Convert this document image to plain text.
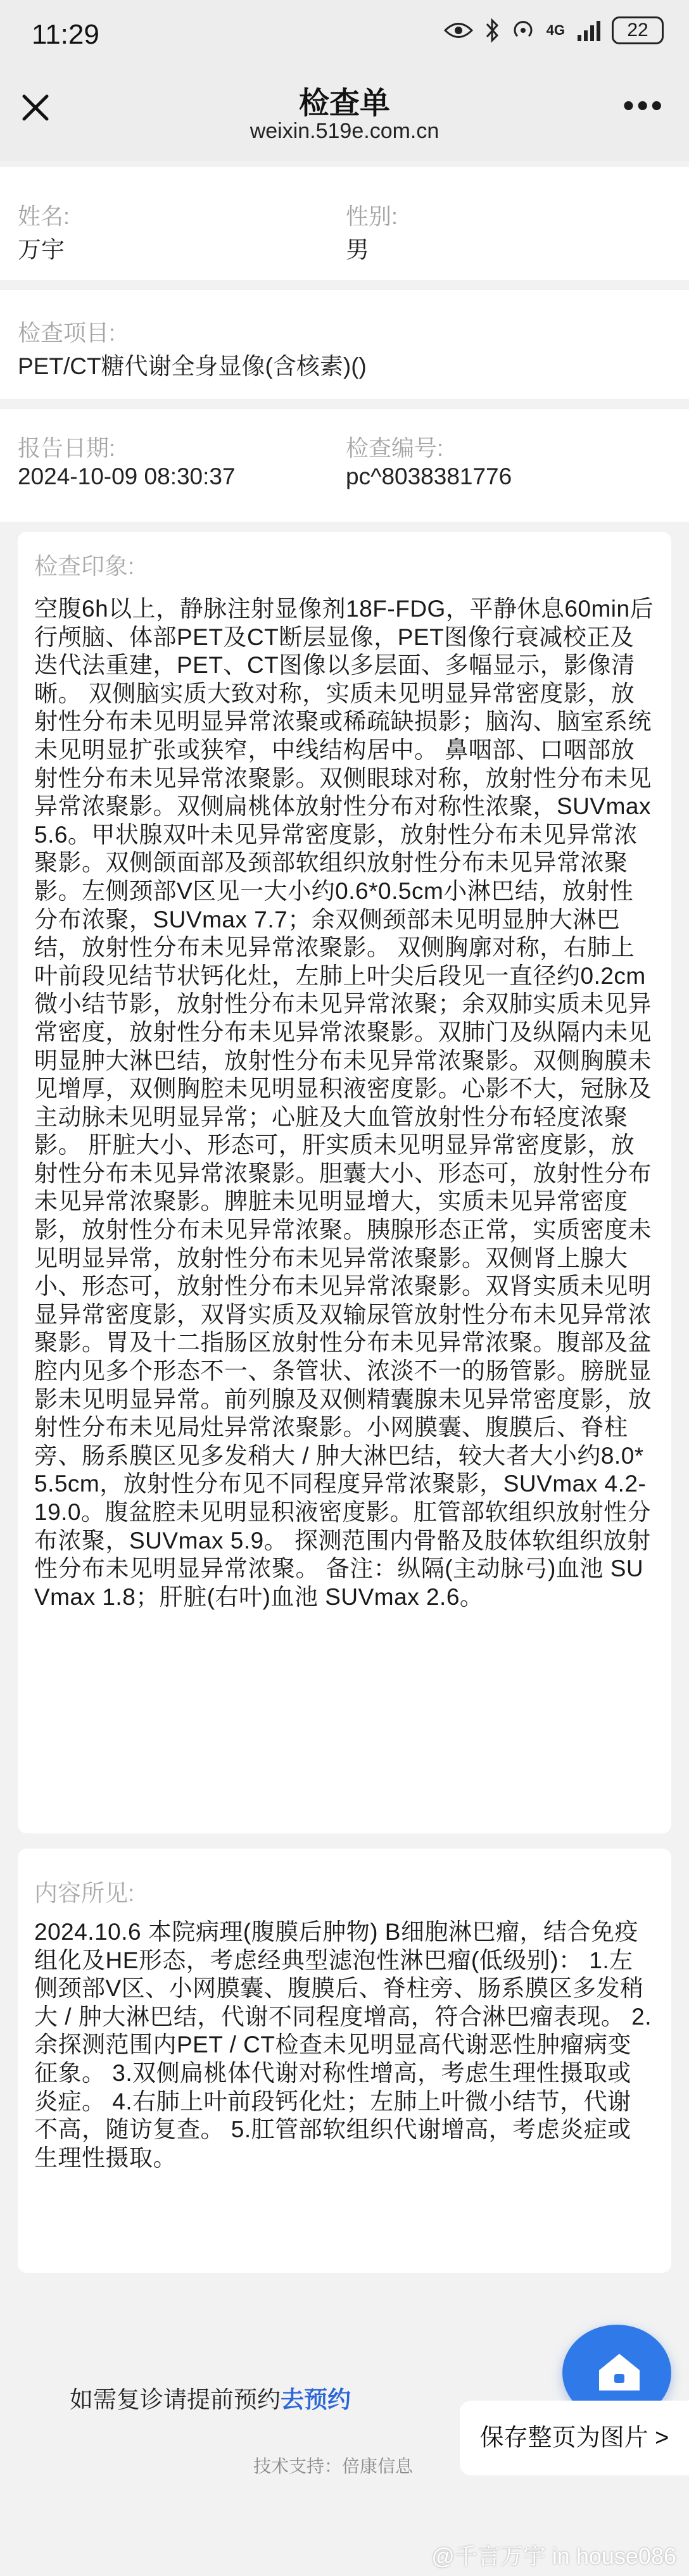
11:29	4G	22
检查单
weixin.519e.com.cn
•••
姓名:
万宇
性别:
男
检查项目:
PET/CT糖代谢全身显像(含核素)()
报告日期:
2024-10-09 08:30:37
检查编号:
pc^8038381776
检查印象:
空腹6h以上，静脉注射显像剂18F-FDG，平静休息60min后行颅脑、体部PET及CT断层显像，PET图像行衰减校正及迭代法重建，PET、CT图像以多层面、多幅显示，影像清晰。 双侧脑实质大致对称，实质未见明显异常密度影，放射性分布未见明显异常浓聚或稀疏缺损影；脑沟、脑室系统未见明显扩张或狭窄，中线结构居中。 鼻咽部、口咽部放射性分布未见异常浓聚影。双侧眼球对称，放射性分布未见异常浓聚影。双侧扁桃体放射性分布对称性浓聚，SUVmax 5.6。甲状腺双叶未见异常密度影，放射性分布未见异常浓聚影。双侧颌面部及颈部软组织放射性分布未见异常浓聚影。左侧颈部V区见一大小约0.6*0.5cm小淋巴结，放射性分布浓聚，SUVmax 7.7；余双侧颈部未见明显肿大淋巴结，放射性分布未见异常浓聚影。 双侧胸廓对称，右肺上叶前段见结节状钙化灶，左肺上叶尖后段见一直径约0.2cm微小结节影，放射性分布未见异常浓聚；余双肺实质未见异常密度，放射性分布未见异常浓聚影。双肺门及纵隔内未见明显肿大淋巴结，放射性分布未见异常浓聚影。双侧胸膜未见增厚，双侧胸腔未见明显积液密度影。心影不大，冠脉及主动脉未见明显异常；心脏及大血管放射性分布轻度浓聚影。 肝脏大小、形态可，肝实质未见明显异常密度影，放射性分布未见异常浓聚影。胆囊大小、形态可，放射性分布未见异常浓聚影。脾脏未见明显增大，实质未见异常密度影，放射性分布未见异常浓聚。胰腺形态正常，实质密度未见明显异常，放射性分布未见异常浓聚影。双侧肾上腺大小、形态可，放射性分布未见异常浓聚影。双肾实质未见明显异常密度影，双肾实质及双输尿管放射性分布未见异常浓聚影。胃及十二指肠区放射性分布未见异常浓聚。腹部及盆腔内见多个形态不一、条管状、浓淡不一的肠管影。膀胱显影未见明显异常。前列腺及双侧精囊腺未见异常密度影，放射性分布未见局灶异常浓聚影。小网膜囊、腹膜后、脊柱旁、肠系膜区见多发稍大 / 肿大淋巴结，较大者大小约8.0*5.5cm，放射性分布见不同程度异常浓聚影，SUVmax 4.2-19.0。腹盆腔未见明显积液密度影。肛管部软组织放射性分布浓聚，SUVmax 5.9。 探测范围内骨骼及肢体软组织放射性分布未见明显异常浓聚。 备注：纵隔(主动脉弓)血池 SUVmax 1.8；肝脏(右叶)血池 SUVmax 2.6。
内容所见:
2024.10.6 本院病理(腹膜后肿物) B细胞淋巴瘤，结合免疫组化及HE形态，考虑经典型滤泡性淋巴瘤(低级别)： 1.左侧颈部V区、小网膜囊、腹膜后、脊柱旁、肠系膜区多发稍大 / 肿大淋巴结，代谢不同程度增高，符合淋巴瘤表现。 2.余探测范围内PET / CT检查未见明显高代谢恶性肿瘤病变征象。 3.双侧扁桃体代谢对称性增高，考虑生理性摄取或炎症。 4.右肺上叶前段钙化灶；左肺上叶微小结节，代谢不高，随访复查。 5.肛管部软组织代谢增高，考虑炎症或生理性摄取。
如需复诊请提前预约去预约
技术支持：倍康信息
保存整页为图片 >
@千言万宇 in house086
